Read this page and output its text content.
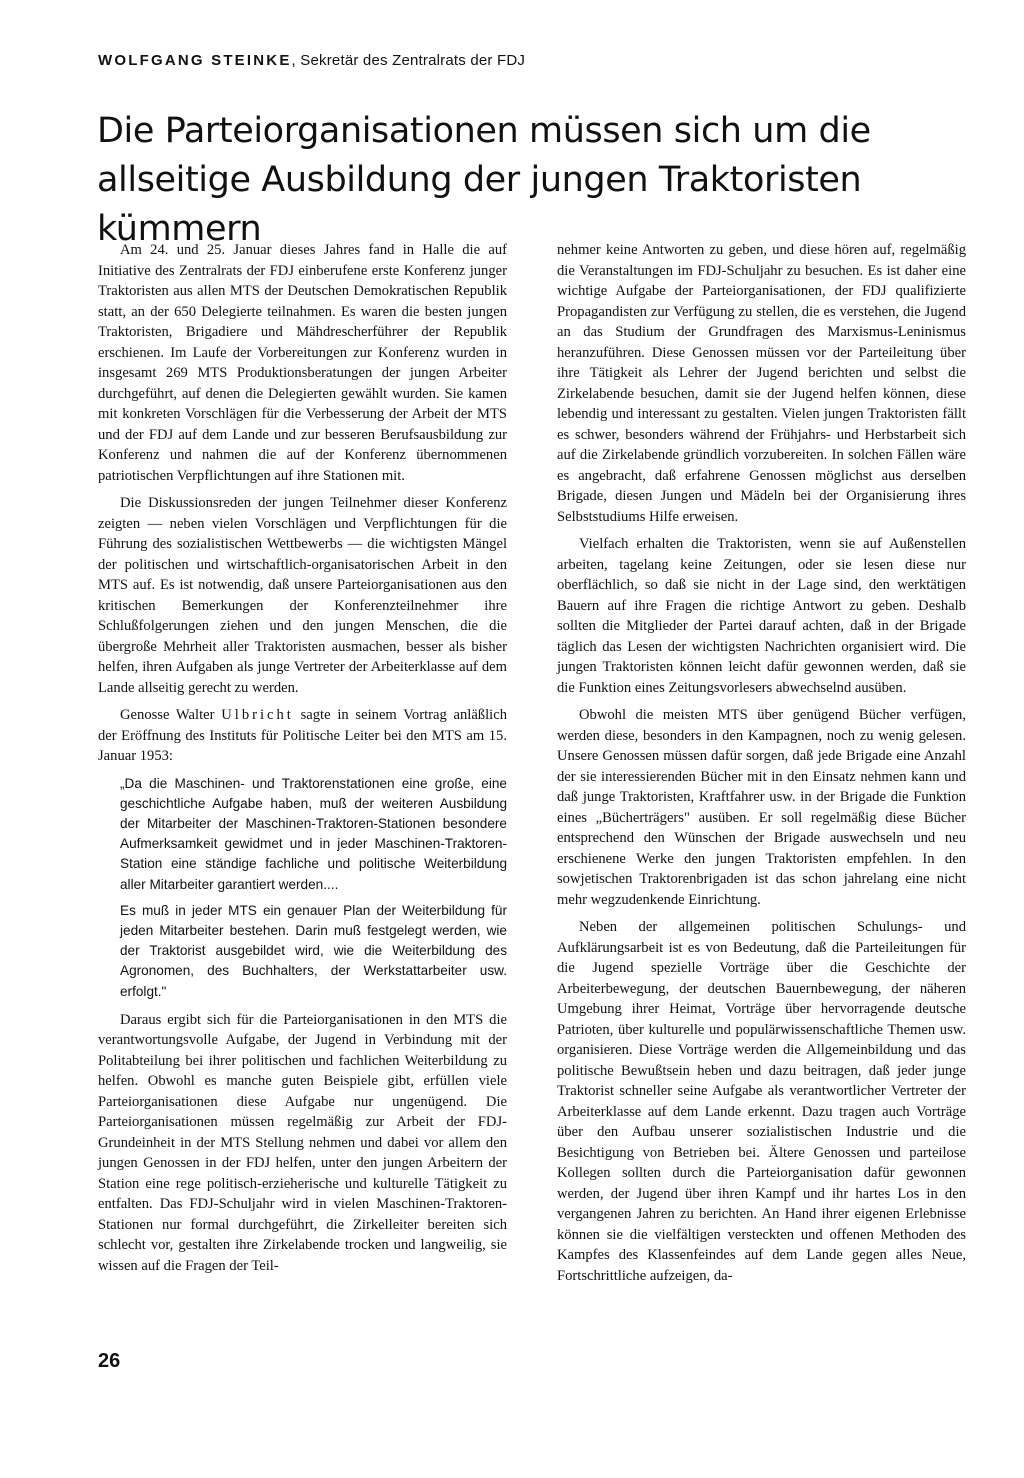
WOLFGANG STEINKE, Sekretär des Zentralrats der FDJ
Die Parteiorganisationen müssen sich um die allseitige Ausbildung der jungen Traktoristen kümmern

Am 24. und 25. Januar dieses Jahres fand in Halle die auf Initiative des Zentralrats der FDJ einberufene erste Konferenz junger Traktoristen aus allen MTS der Deutschen Demokratischen Republik statt, an der 650 Delegierte teilnahmen. Es waren die besten jungen Traktoristen, Brigadiere und Mähdrescherführer der Republik erschienen. Im Laufe der Vorbereitungen zur Konferenz wurden in insgesamt 269 MTS Produktionsberatungen der jungen Arbeiter durchgeführt, auf denen die Delegierten gewählt wurden. Sie kamen mit konkreten Vorschlägen für die Verbesserung der Arbeit der MTS und der FDJ auf dem Lande und zur besseren Berufsausbildung zur Konferenz und nahmen die auf der Konferenz übernommenen patriotischen Verpflichtungen auf ihre Stationen mit.

Die Diskussionsreden der jungen Teilnehmer dieser Konferenz zeigten — neben vielen Vorschlägen und Verpflichtungen für die Führung des sozialistischen Wettbewerbs — die wichtigsten Mängel der politischen und wirtschaftlich-organisatorischen Arbeit in den MTS auf. Es ist notwendig, daß unsere Parteiorganisationen aus den kritischen Bemerkungen der Konferenzteilnehmer ihre Schlußfolgerungen ziehen und den jungen Menschen, die die übergroße Mehrheit aller Traktoristen ausmachen, besser als bisher helfen, ihren Aufgaben als junge Vertreter der Arbeiterklasse auf dem Lande allseitig gerecht zu werden.

Genosse Walter Ulbricht sagte in seinem Vortrag anläßlich der Eröffnung des Instituts für Politische Leiter bei den MTS am 15. Januar 1953:

„Da die Maschinen- und Traktorenstationen eine große, eine geschichtliche Aufgabe haben, muß der weiteren Ausbildung der Mitarbeiter der Maschinen-Traktoren-Stationen besondere Aufmerksamkeit gewidmet und in jeder Maschinen-Traktoren-Station eine ständige fachliche und politische Weiterbildung aller Mitarbeiter garantiert werden....

Es muß in jeder MTS ein genauer Plan der Weiterbildung für jeden Mitarbeiter bestehen. Darin muß festgelegt werden, wie der Traktorist ausgebildet wird, wie die Weiterbildung des Agronomen, des Buchhalters, der Werkstattarbeiter usw. erfolgt."

Daraus ergibt sich für die Parteiorganisationen in den MTS die verantwortungsvolle Aufgabe, der Jugend in Verbindung mit der Politabteilung bei ihrer politischen und fachlichen Weiterbildung zu helfen. Obwohl es manche guten Beispiele gibt, erfüllen viele Parteiorganisationen diese Aufgabe nur ungenügend. Die Parteiorganisationen müssen regelmäßig zur Arbeit der FDJ-Grundeinheit in der MTS Stellung nehmen und dabei vor allem den jungen Genossen in der FDJ helfen, unter den jungen Arbeitern der Station eine rege politisch-erzieherische und kulturelle Tätigkeit zu entfalten. Das FDJ-Schuljahr wird in vielen Maschinen-Traktoren-Stationen nur formal durchgeführt, die Zirkelleiter bereiten sich schlecht vor, gestalten ihre Zirkelabende trocken und langweilig, sie wissen auf die Fragen der Teil-

nehmer keine Antworten zu geben, und diese hören auf, regelmäßig die Veranstaltungen im FDJ-Schuljahr zu besuchen. Es ist daher eine wichtige Aufgabe der Parteiorganisationen, der FDJ qualifizierte Propagandisten zur Verfügung zu stellen, die es verstehen, die Jugend an das Studium der Grundfragen des Marxismus-Leninismus heranzuführen. Diese Genossen müssen vor der Parteileitung über ihre Tätigkeit als Lehrer der Jugend berichten und selbst die Zirkelabende besuchen, damit sie der Jugend helfen können, diese lebendig und interessant zu gestalten. Vielen jungen Traktoristen fällt es schwer, besonders während der Frühjahrs- und Herbstarbeit sich auf die Zirkelabende gründlich vorzubereiten. In solchen Fällen wäre es angebracht, daß erfahrene Genossen möglichst aus derselben Brigade, diesen Jungen und Mädeln bei der Organisierung ihres Selbststudiums Hilfe erweisen.

Vielfach erhalten die Traktoristen, wenn sie auf Außenstellen arbeiten, tagelang keine Zeitungen, oder sie lesen diese nur oberflächlich, so daß sie nicht in der Lage sind, den werktätigen Bauern auf ihre Fragen die richtige Antwort zu geben. Deshalb sollten die Mitglieder der Partei darauf achten, daß in der Brigade täglich das Lesen der wichtigsten Nachrichten organisiert wird. Die jungen Traktoristen können leicht dafür gewonnen werden, daß sie die Funktion eines Zeitungsvorlesers abwechselnd ausüben.

Obwohl die meisten MTS über genügend Bücher verfügen, werden diese, besonders in den Kampagnen, noch zu wenig gelesen. Unsere Genossen müssen dafür sorgen, daß jede Brigade eine Anzahl der sie interessierenden Bücher mit in den Einsatz nehmen kann und daß junge Traktoristen, Kraftfahrer usw. in der Brigade die Funktion eines „Bücherträgers" ausüben. Er soll regelmäßig diese Bücher entsprechend den Wünschen der Brigade auswechseln und neu erschienene Werke den jungen Traktoristen empfehlen. In den sowjetischen Traktorenbrigaden ist das schon jahrelang eine nicht mehr wegzudenkende Einrichtung.

Neben der allgemeinen politischen Schulungs- und Aufklärungsarbeit ist es von Bedeutung, daß die Parteileitungen für die Jugend spezielle Vorträge über die Geschichte der Arbeiterbewegung, der deutschen Bauernbewegung, der näheren Umgebung ihrer Heimat, Vorträge über hervorragende deutsche Patrioten, über kulturelle und populärwissenschaftliche Themen usw. organisieren. Diese Vorträge werden die Allgemeinbildung und das politische Bewußtsein heben und dazu beitragen, daß jeder junge Traktorist schneller seine Aufgabe als verantwortlicher Vertreter der Arbeiterklasse auf dem Lande erkennt. Dazu tragen auch Vorträge über den Aufbau unserer sozialistischen Industrie und die Besichtigung von Betrieben bei. Ältere Genossen und parteilose Kollegen sollten durch die Parteiorganisation dafür gewonnen werden, der Jugend über ihren Kampf und ihr hartes Los in den vergangenen Jahren zu berichten. An Hand ihrer eigenen Erlebnisse können sie die vielfältigen versteckten und offenen Methoden des Kampfes des Klassenfeindes auf dem Lande gegen alles Neue, Fortschrittliche aufzeigen, da-

26
